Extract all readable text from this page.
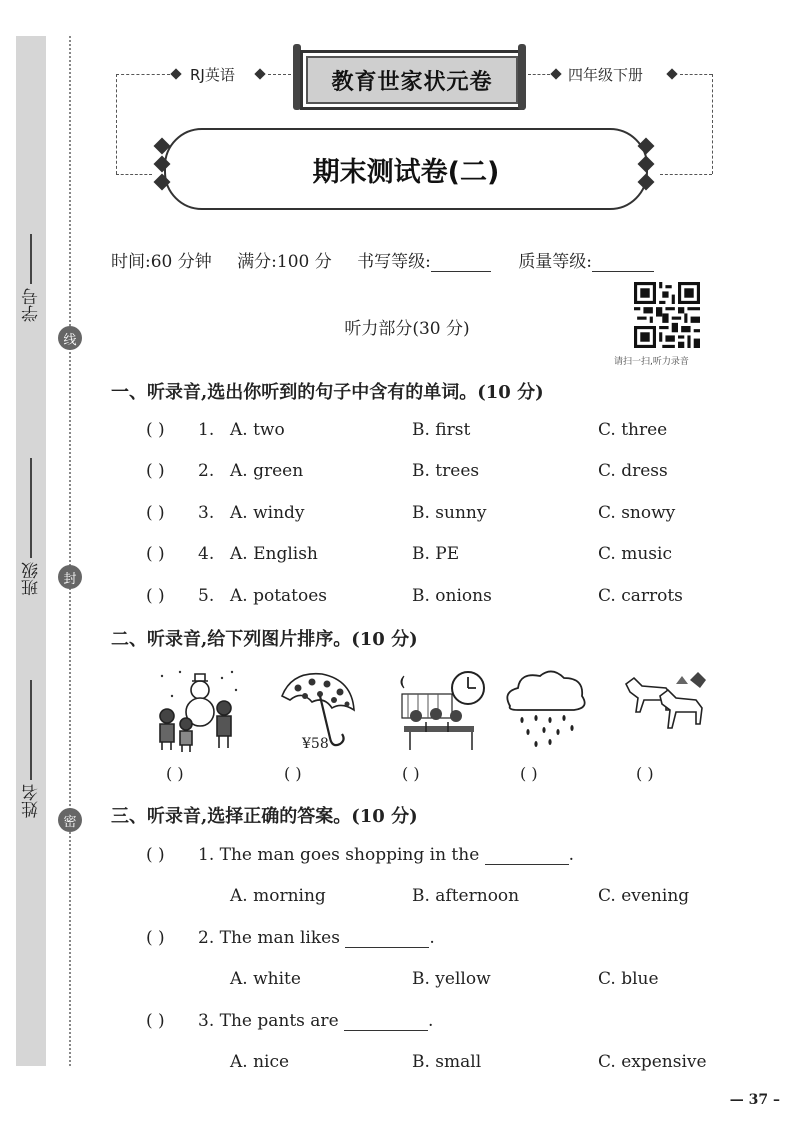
学号
班级
姓名
线
封
密
RJ英语	教育世家状元卷	四年级下册
期末测试卷(二)
时间:60 分钟 满分:100 分 书写等级:	质量等级:
听力部分(30 分)
请扫一扫,听力录音
一、听录音,选出你听到的句子中含有的单词。(10 分)
( ) 1. A. two	B. first	C. three
( ) 2. A. green	B. trees	C. dress
( ) 3. A. windy	B. sunny	C. snowy
( ) 4. A. English	B. PE	C. music
( ) 5. A. potatoes	B. onions	C. carrots
二、听录音,给下列图片排序。(10 分)
¥58
( )	( )	( )	( )	( )
三、听录音,选择正确的答案。(10 分)
( ) 1. The man goes shopping in the	.
A. morning	B. afternoon	C. evening
( ) 2. The man likes	.
A. white	B. yellow	C. blue
( ) 3. The pants are	.
A. nice	B. small	C. expensive
— 37 –
